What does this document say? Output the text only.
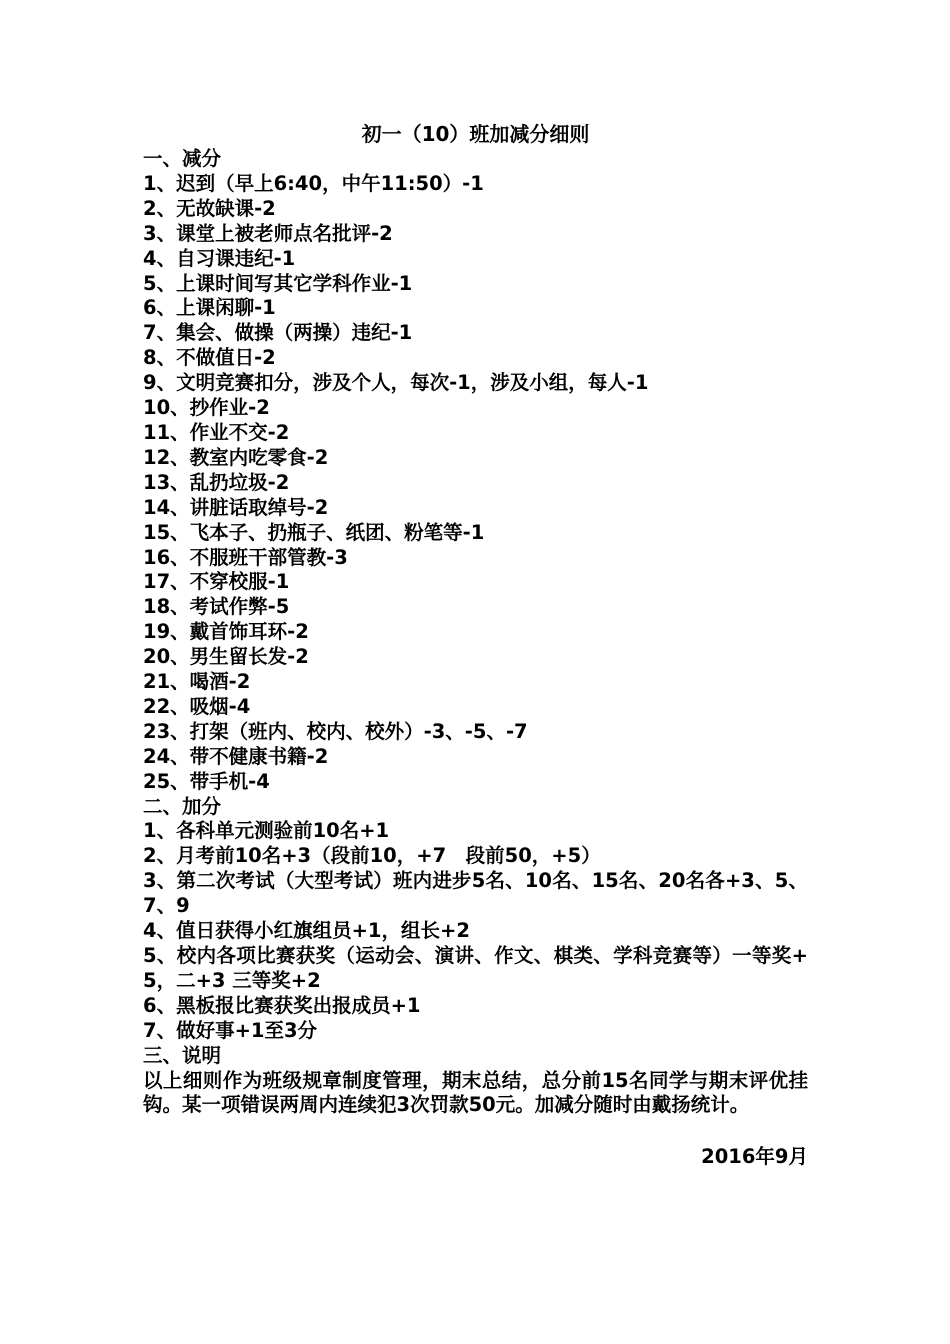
初一（10）班加减分细则

一、减分

1、迟到（早上6:40，中午11:50）-1

2、无故缺课-2

3、课堂上被老师点名批评-2

4、自习课违纪-1

5、上课时间写其它学科作业-1

6、上课闲聊-1

7、集会、做操（两操）违纪-1

8、不做值日-2

9、文明竞赛扣分，涉及个人，每次-1，涉及小组，每人-1

10、抄作业-2

11、作业不交-2

12、教室内吃零食-2

13、乱扔垃圾-2

14、讲脏话取绰号-2

15、飞本子、扔瓶子、纸团、粉笔等-1

16、不服班干部管教-3

17、不穿校服-1

18、考试作弊-5

19、戴首饰耳环-2

20、男生留长发-2

21、喝酒-2

22、吸烟-4

23、打架（班内、校内、校外）-3、-5、-7

24、带不健康书籍-2

25、带手机-4

二、加分

1、各科单元测验前10名+1

2、月考前10名+3（段前10，+7　段前50，+5）

3、第二次考试（大型考试）班内进步5名、10名、15名、20名各+3、5、7、9

4、值日获得小红旗组员+1，组长+2

5、校内各项比赛获奖（运动会、演讲、作文、棋类、学科竞赛等）一等奖+5，二+3 三等奖+2

6、黑板报比赛获奖出报成员+1

7、做好事+1至3分

三、说明

以上细则作为班级规章制度管理，期末总结，总分前15名同学与期末评优挂钩。某一项错误两周内连续犯3次罚款50元。加减分随时由戴扬统计。

2016年9月
